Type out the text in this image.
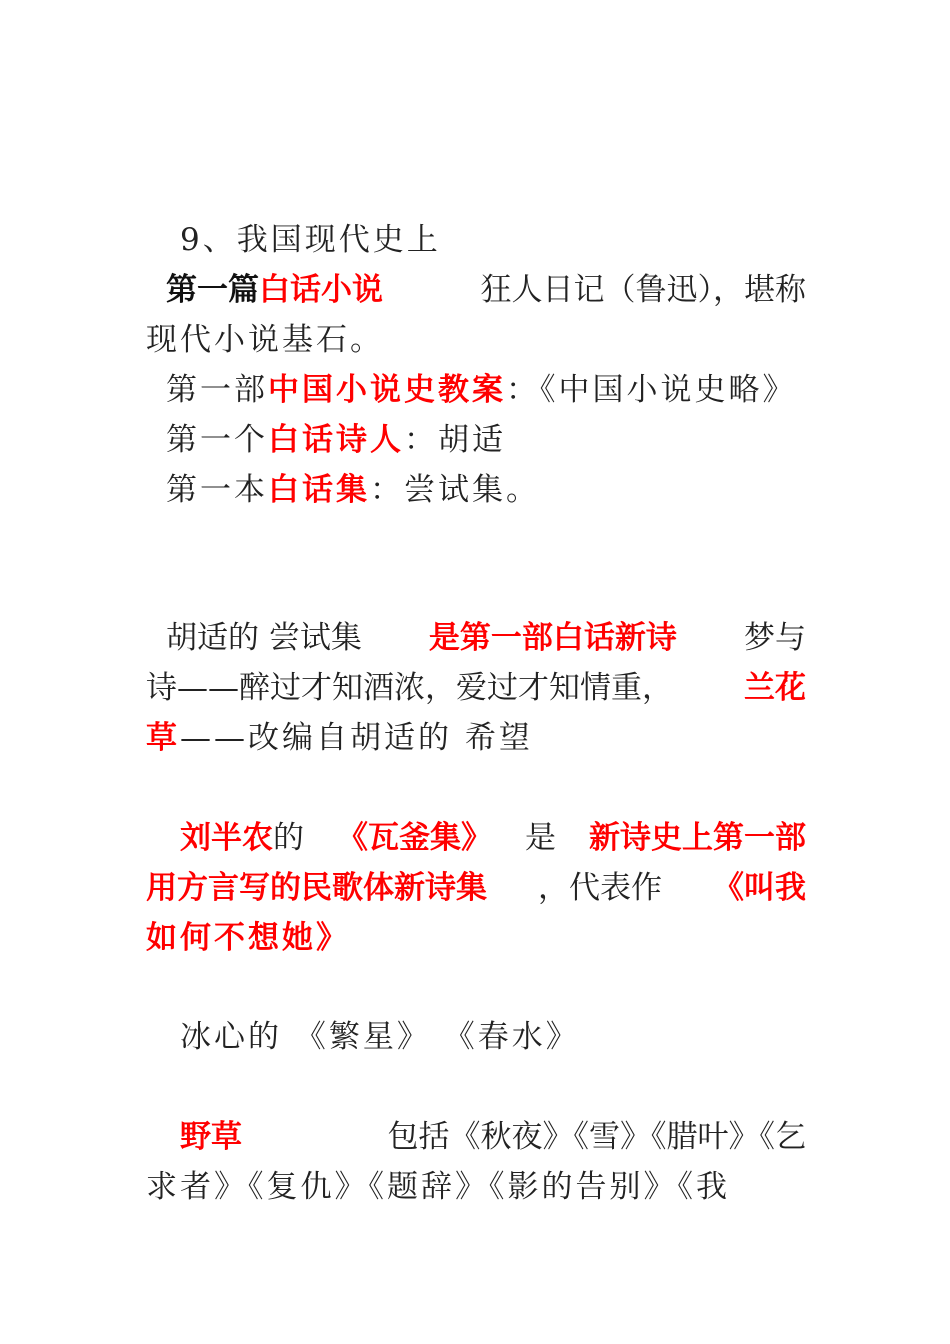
9、我国现代史上
第一篇白话小说	狂人日记（鲁迅），堪称
现代小说基石。
第一部中国小说史教案：《中国小说史略》
第一个白话诗人：胡适
第一本白话集：尝试集。
胡适的 尝试集 是第一部白话新诗 梦与
诗——醉过才知酒浓，爱过才知情重， 兰花
草——改编自胡适的 希望
刘半农的 《瓦釜集》 是 新诗史上第一部
用方言写的民歌体新诗集 ，代表作 《叫我
如何不想她》
冰心的 《繁星》 《春水》
野草	包括《秋夜》《雪》《腊叶》《乞
求者》《复仇》《题辞》《影的告别》《我
